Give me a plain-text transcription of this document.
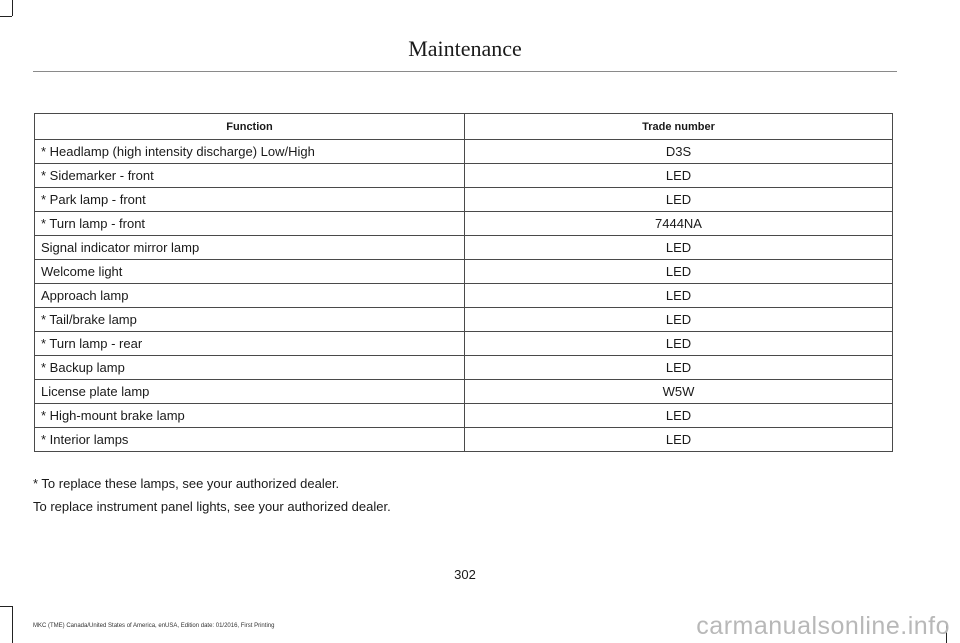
Maintenance
Function	Trade number
* Headlamp (high intensity discharge) Low/High	D3S
* Sidemarker - front	LED
* Park lamp - front	LED
* Turn lamp - front	7444NA
Signal indicator mirror lamp	LED
Welcome light	LED
Approach lamp	LED
* Tail/brake lamp	LED
* Turn lamp - rear	LED
* Backup lamp	LED
License plate lamp	W5W
* High-mount brake lamp	LED
* Interior lamps	LED
* To replace these lamps, see your authorized dealer.
To replace instrument panel lights, see your authorized dealer.
302
MKC (TME) Canada/United States of America, enUSA, Edition date: 01/2016, First Printing	carmanualsonline.info
